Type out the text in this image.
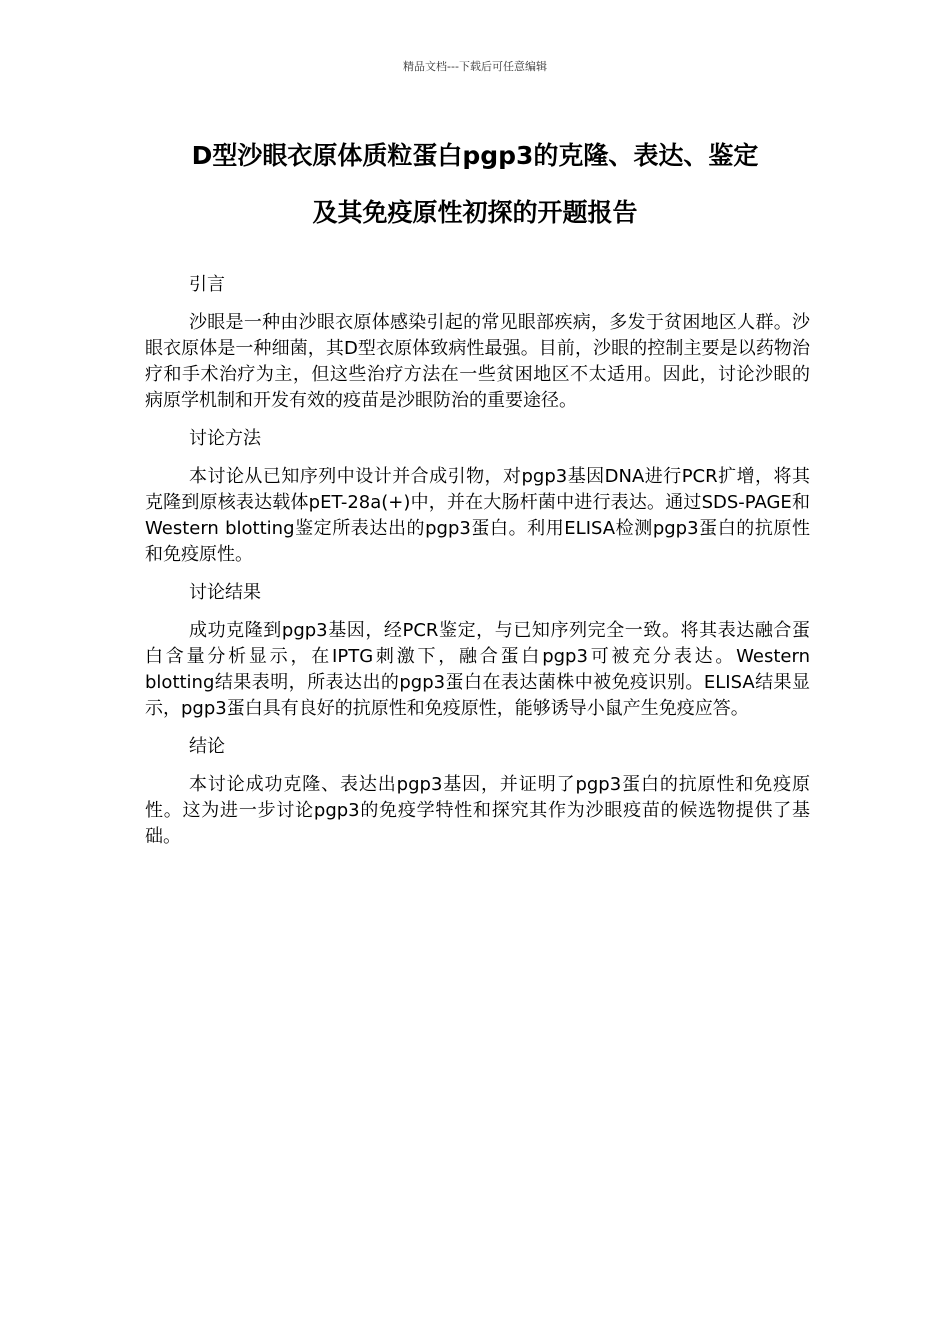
精品文档---下载后可任意编辑
D型沙眼衣原体质粒蛋白pgp3的克隆、表达、鉴定
及其免疫原性初探的开题报告

引言

沙眼是一种由沙眼衣原体感染引起的常见眼部疾病，多发于贫困地区人群。沙眼衣原体是一种细菌，其D型衣原体致病性最强。目前，沙眼的控制主要是以药物治疗和手术治疗为主，但这些治疗方法在一些贫困地区不太适用。因此，讨论沙眼的病原学机制和开发有效的疫苗是沙眼防治的重要途径。

讨论方法

本讨论从已知序列中设计并合成引物，对pgp3基因DNA进行PCR扩增，将其克隆到原核表达载体pET-28a(+)中，并在大肠杆菌中进行表达。通过SDS-PAGE和Western blotting鉴定所表达出的pgp3蛋白。利用ELISA检测pgp3蛋白的抗原性和免疫原性。

讨论结果

成功克隆到pgp3基因，经PCR鉴定，与已知序列完全一致。将其表达融合蛋白含量分析显示，在IPTG刺激下，融合蛋白pgp3可被充分表达。Western blotting结果表明，所表达出的pgp3蛋白在表达菌株中被免疫识别。ELISA结果显示，pgp3蛋白具有良好的抗原性和免疫原性，能够诱导小鼠产生免疫应答。

结论

本讨论成功克隆、表达出pgp3基因，并证明了pgp3蛋白的抗原性和免疫原性。这为进一步讨论pgp3的免疫学特性和探究其作为沙眼疫苗的候选物提供了基础。
